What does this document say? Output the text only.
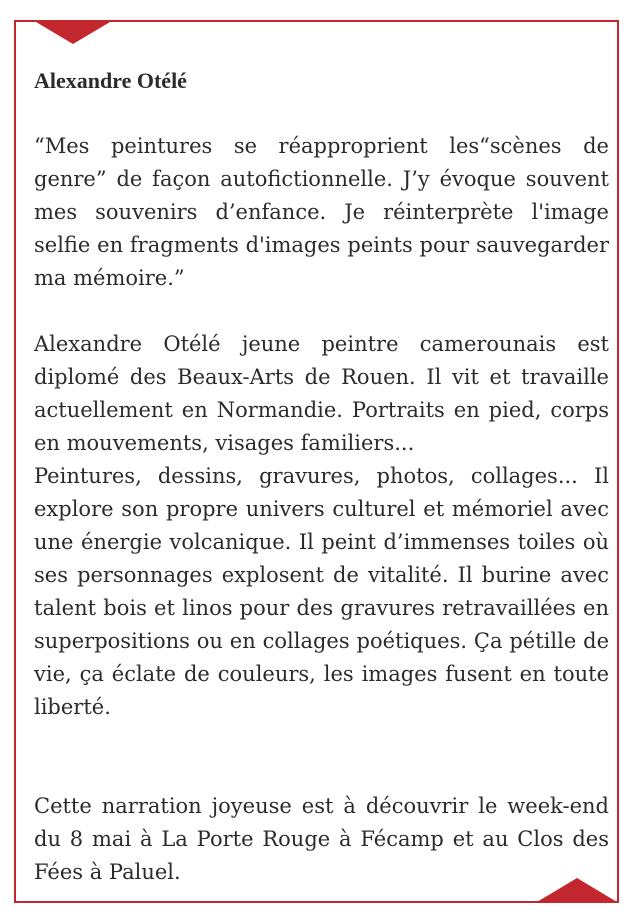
Alexandre Otélé

“Mes peintures se réapproprient les“scènes de genre” de façon autofictionnelle. J’y évoque souvent mes souvenirs d’enfance. Je réinterprète l'image selfie en fragments d'images peints pour sauvegarder ma mémoire.”

Alexandre Otélé jeune peintre camerounais est diplomé des Beaux-Arts de Rouen. Il vit et travaille actuellement en Normandie. Portraits en pied, corps en mouvements, visages familiers...

Peintures, dessins, gravures, photos, collages... Il explore son propre univers culturel et mémoriel avec une énergie volcanique. Il peint d’immenses toiles où ses personnages explosent de vitalité. Il burine avec talent bois et linos pour des gravures retravaillées en superpositions ou en collages poétiques. Ça pétille de vie, ça éclate de couleurs, les images fusent en toute liberté.

Cette narration joyeuse est à découvrir le week-end du 8 mai à La Porte Rouge à Fécamp et au Clos des Fées à Paluel.
